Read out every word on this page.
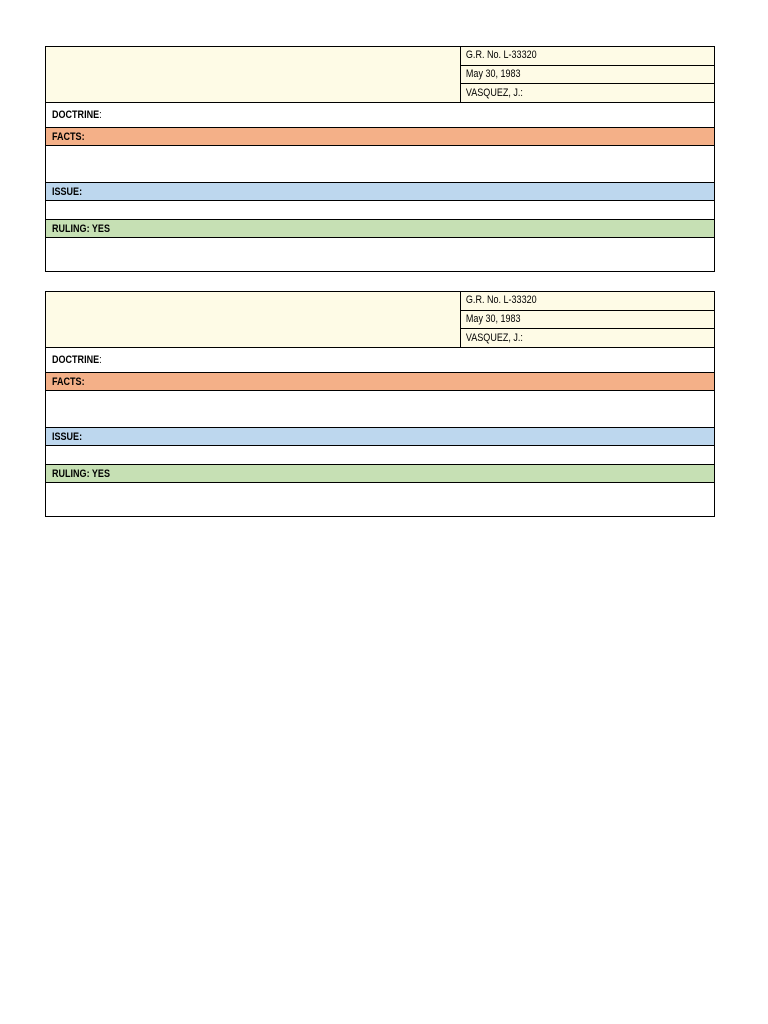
G.R. No. L-33320
May 30, 1983
VASQUEZ, J.:
DOCTRINE:
FACTS:
ISSUE:
RULING: YES
G.R. No. L-33320
May 30, 1983
VASQUEZ, J.:
DOCTRINE:
FACTS:
ISSUE:
RULING: YES
